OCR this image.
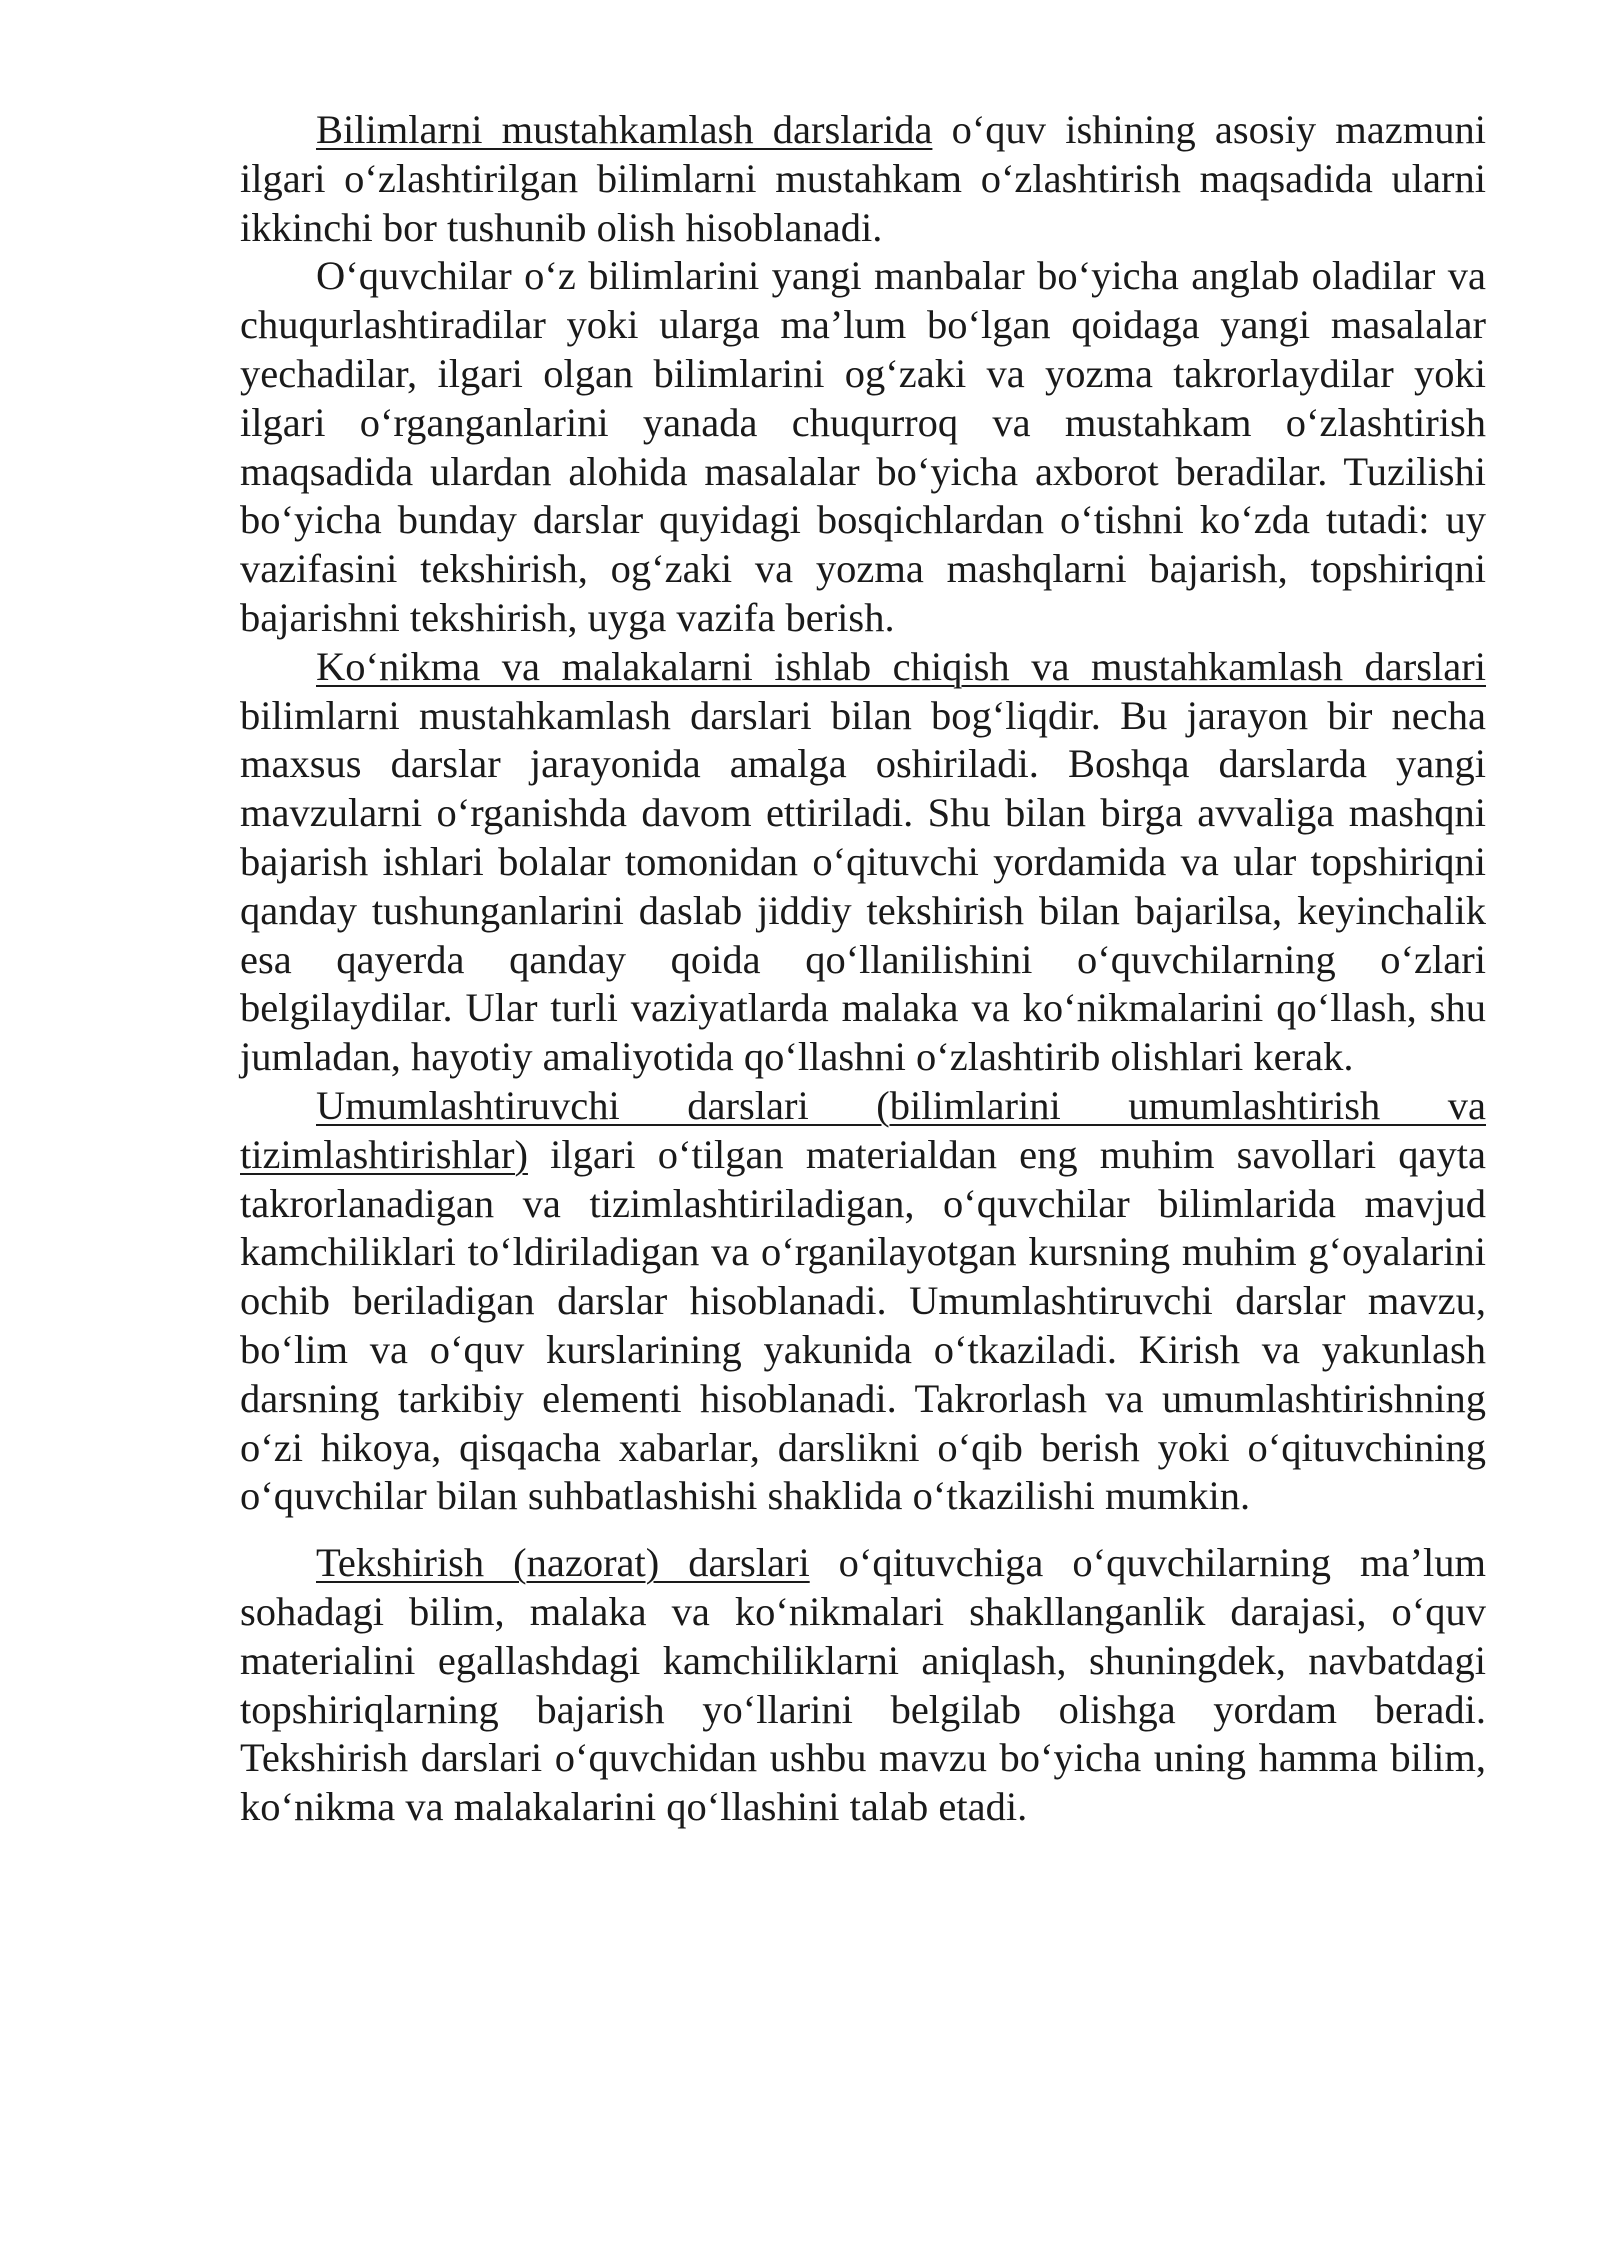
Bilimlarni mustahkamlash darslarida o‘quv ishining asosiy mazmuni ilgari o‘zlashtirilgan bilimlarni mustahkam o‘zlashtirish maqsadida ularni ikkinchi bor tushunib olish hisoblanadi.

O‘quvchilar o‘z bilimlarini yangi manbalar bo‘yicha anglab oladilar va chuqurlashtiradilar yoki ularga ma’lum bo‘lgan qoidaga yangi masalalar yechadilar, ilgari olgan bilimlarini og‘zaki va yozma takrorlaydilar yoki ilgari o‘rganganlarini yanada chuqurroq va mustahkam o‘zlashtirish maqsadida ulardan alohida masalalar bo‘yicha axborot beradilar. Tuzilishi bo‘yicha bunday darslar quyidagi bosqichlardan o‘tishni ko‘zda tutadi: uy vazifasini tekshirish, og‘zaki va yozma mashqlarni bajarish, topshiriqni bajarishni tekshirish, uyga vazifa berish.

Ko‘nikma va malakalarni ishlab chiqish va mustahkamlash darslari bilimlarni mustahkamlash darslari bilan bog‘liqdir. Bu jarayon bir necha maxsus darslar jarayonida amalga oshiriladi. Boshqa darslarda yangi mavzularni o‘rganishda davom ettiriladi. Shu bilan birga avvaliga mashqni bajarish ishlari bolalar tomonidan o‘qituvchi yordamida va ular topshiriqni qanday tushunganlarini daslab jiddiy tekshirish bilan bajarilsa, keyinchalik esa qayerda qanday qoida qo‘llanilishini o‘quvchilarning o‘zlari belgilaydilar. Ular turli vaziyatlarda malaka va ko‘nikmalarini qo‘llash, shu jumladan, hayotiy amaliyotida qo‘llashni o‘zlashtirib olishlari kerak.

Umumlashtiruvchi darslari (bilimlarini umumlashtirish va tizimlashtirishlar) ilgari o‘tilgan materialdan eng muhim savollari qayta takrorlanadigan va tizimlashtiriladigan, o‘quvchilar bilimlarida mavjud kamchiliklari to‘ldiriladigan va o‘rganilayotgan kursning muhim g‘oyalarini ochib beriladigan darslar hisoblanadi. Umumlashtiruvchi darslar mavzu, bo‘lim va o‘quv kurslarining yakunida o‘tkaziladi. Kirish va yakunlash darsning tarkibiy elementi hisoblanadi. Takrorlash va umumlashtirishning o‘zi hikoya, qisqacha xabarlar, darslikni o‘qib berish yoki o‘qituvchining o‘quvchilar bilan suhbatlashishi shaklida o‘tkazilishi mumkin.

Tekshirish (nazorat) darslari o‘qituvchiga o‘quvchilarning ma’lum sohadagi bilim, malaka va ko‘nikmalari shakllanganlik darajasi, o‘quv materialini egallashdagi kamchiliklarni aniqlash, shuningdek, navbatdagi topshiriqlarning bajarish yo‘llarini belgilab olishga yordam beradi. Tekshirish darslari o‘quvchidan ushbu mavzu bo‘yicha uning hamma bilim, ko‘nikma va malakalarini qo‘llashini talab etadi.
